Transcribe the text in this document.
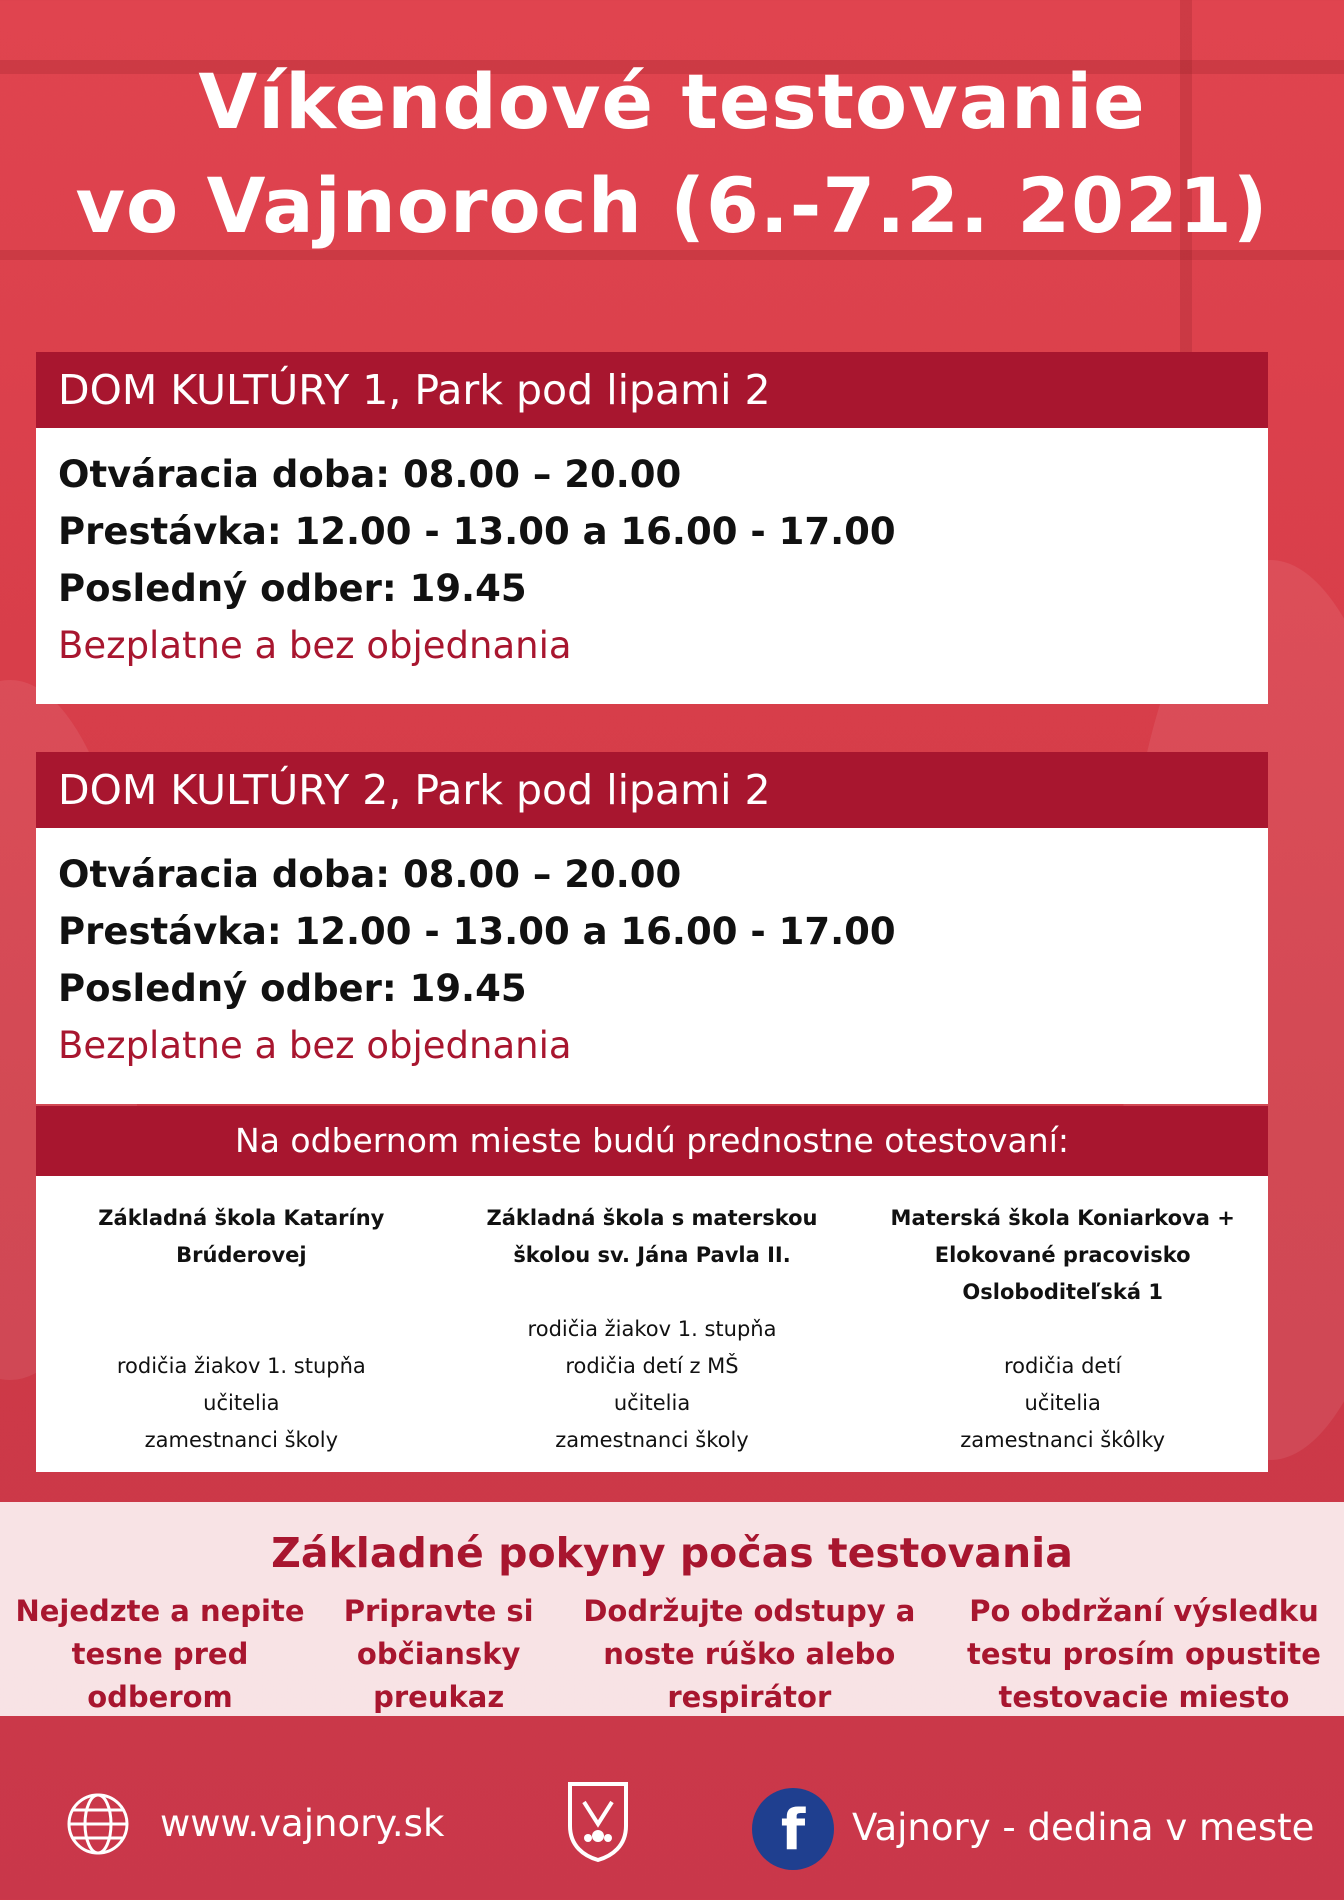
Víkendové testovanie
vo Vajnoroch (6.-7.2. 2021)
DOM KULTÚRY 1, Park pod lipami 2
Otváracia doba: 08.00 – 20.00
Prestávka: 12.00 - 13.00 a 16.00 - 17.00
Posledný odber: 19.45
Bezplatne a bez objednania
DOM KULTÚRY 2, Park pod lipami 2
Otváracia doba: 08.00 – 20.00
Prestávka: 12.00 - 13.00 a 16.00 - 17.00
Posledný odber: 19.45
Bezplatne a bez objednania
Na odbernom mieste budú prednostne otestovaní:
Základná škola Kataríny
Brúderovej
rodičia žiakov 1. stupňa
učitelia
zamestnanci školy
Základná škola s materskou
školou sv. Jána Pavla II.
rodičia žiakov 1. stupňa
rodičia detí z MŠ
učitelia
zamestnanci školy
Materská škola Koniarkova +
Elokované pracovisko
Osloboditeľská 1
rodičia detí
učitelia
zamestnanci škôlky
Základné pokyny počas testovania
Nejedzte a nepite
tesne pred
odberom
Pripravte si
občiansky
preukaz
Dodržujte odstupy a
noste rúško alebo
respirátor
Po obdržaní výsledku
testu prosím opustite
testovacie miesto
www.vajnory.sk	f	Vajnory - dedina v meste
